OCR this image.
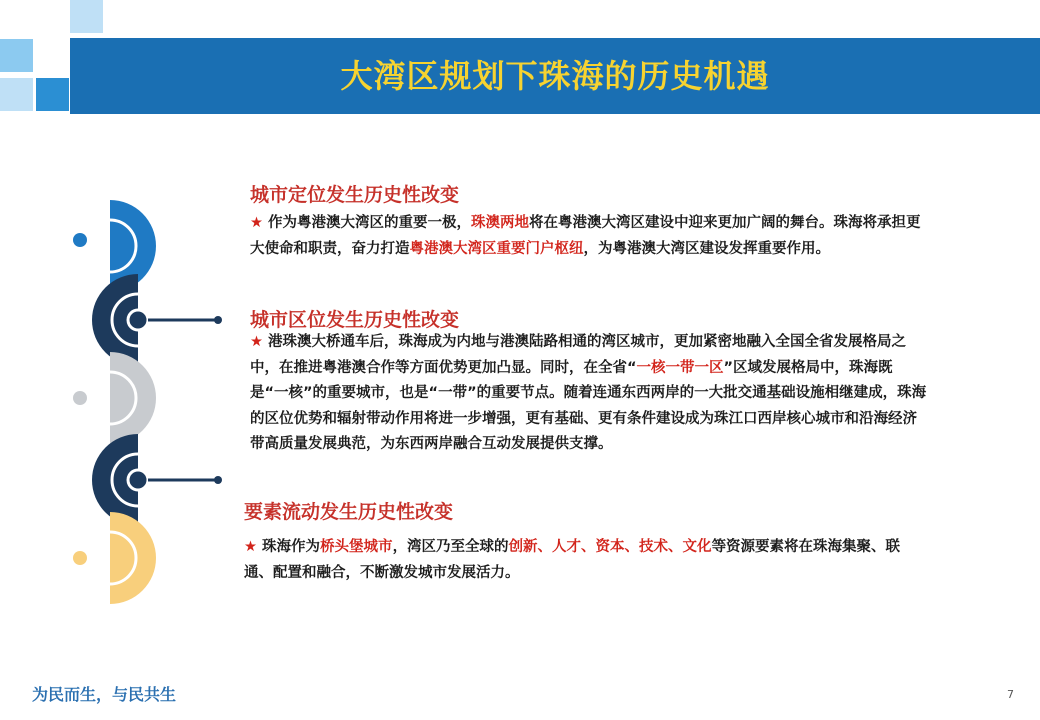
大湾区规划下珠海的历史机遇
城市定位发生历史性改变
★ 作为粤港澳大湾区的重要一极，珠澳两地将在粤港澳大湾区建设中迎来更加广阔的舞台。珠海将承担更大使命和职责，奋力打造粤港澳大湾区重要门户枢纽，为粤港澳大湾区建设发挥重要作用。
城市区位发生历史性改变
★ 港珠澳大桥通车后，珠海成为内地与港澳陆路相通的湾区城市，更加紧密地融入全国全省发展格局之中，在推进粤港澳合作等方面优势更加凸显。同时，在全省“一核一带一区”区域发展格局中，珠海既是“一核”的重要城市，也是“一带”的重要节点。随着连通东西两岸的一大批交通基础设施相继建成，珠海的区位优势和辐射带动作用将进一步增强，更有基础、更有条件建设成为珠江口西岸核心城市和沿海经济带高质量发展典范，为东西两岸融合互动发展提供支撑。
要素流动发生历史性改变
★ 珠海作为桥头堡城市，湾区乃至全球的创新、人才、资本、技术、文化等资源要素将在珠海集聚、联通、配置和融合，不断激发城市发展活力。
为民而生，与民共生	7
